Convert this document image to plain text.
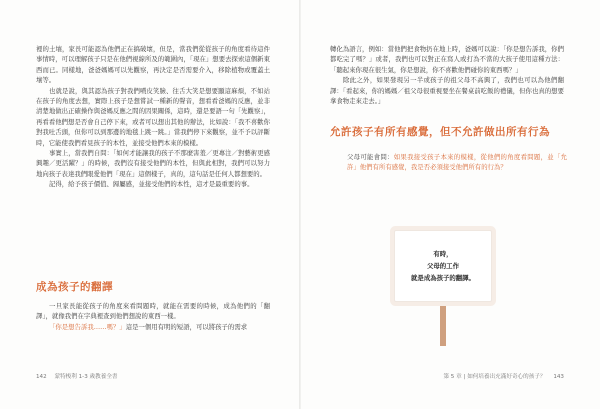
裡的土壤，家長可能認為他們正在搞破壞，但是，當我們從從孩子的角度看待這件事情時，可以理解孩子只是在他們視線所及的範圍內，「現在」想要去探索這個新東西而已。同樣地，爸爸媽媽可以先觀察，再決定是否需要介入，移除植物或覆蓋土壤等。

也就是說，與其認為孩子對我們噴皮笑臉、往舌大笑是想要顯這麻煩，不如站在孩子的角度去想，實際上孩子是想嘗試一種新的聲音，想看看爸媽的反應，並非清楚地做出正確操作與爸媽反應之間的因果關係，這時，還是要語一句「先觀察」，再看看他們想是否會自己停下來，或者可以想出其他的辦法，比如說：「我不喜歡你對我吐舌頭，但你可以到那邊的地毯上跳一跳。」當我們停下來觀察，並不予以評斷時，它能使我們看見孩子的本性，並接受他們本來的模樣。

事實上，當我們自問：「如何才能讓我的孩子不那麼害羞／更專注／對藝術更感興趣／更活躍？」的時候，我們沒有接受他們的本性，但與此相對，我們可以努力地向孩子表達我們眼愛他們「現在」這個樣子，真的，這句話是任何人都想要的。

記得，給予孩子價值、歸屬感，並接受他們的本性，這才是最重要的事。

成為孩子的翻譯

一旦家長能從孩子的角度來看問題時，就能在需要的時候，成為他們的「翻譯」，就像我們在字典裡查到他們想說的東西一樣。

「你是想告訴我……嗎？」這是一個用有明的短語，可以將孩子的需求

142 蒙特梭利 1-3 歲教養全書

轉化為語言，例如：當他們把食物扔在地上時，爸媽可以說：「你是想告訴我，你們都吃完了嗎？」或者，我們也可以對正在寫人或打為不當的大孩子使用這種方法：「聽起來你現在很生氣，你是想說，你不喜歡他們碰你的東西嗎？」

除此之外，如果發現另一半或孩子的祖父母不高興了，我們也可以為他們翻譯：「看起來，你的媽媽／祖父母很重視要坐在餐桌前吃飯的禮儀，但你也真的想要拿食物走來走去。」

允許孩子有所有感覺，但不允許做出所有行為

父母可能會問：如果我接受孩子本來的模樣，從他們的角度看問題，並「允許」他們有所有感覺，我是否必須接受他們所有的行為？

有時，
父母的工作
就是成為孩子的翻譯。
第 5 章 | 如何培養出充滿好奇心的孩子？ 143
